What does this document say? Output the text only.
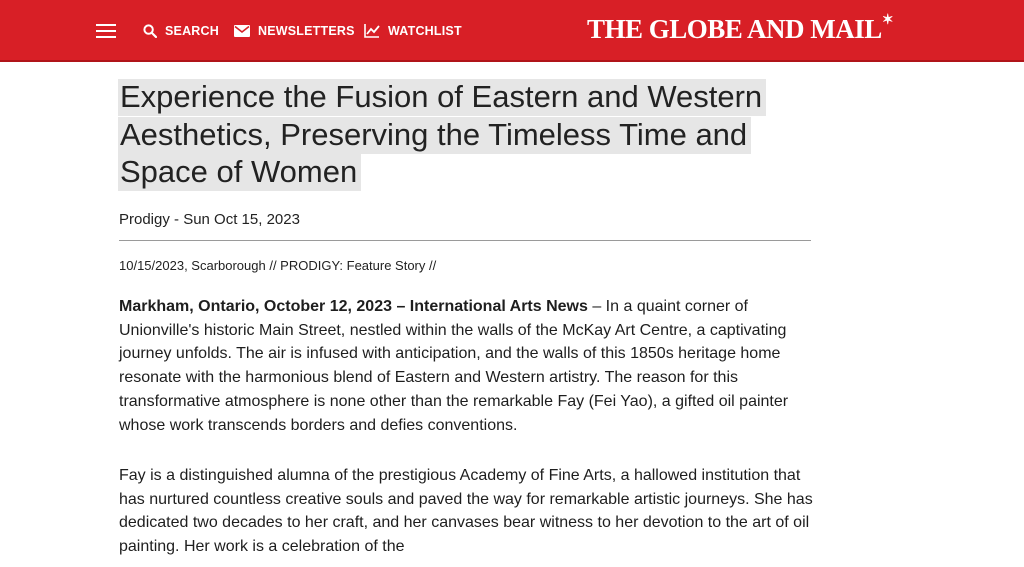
SEARCH	NEWSLETTERS	WATCHLIST	THE GLOBE AND MAIL✶
Experience the Fusion of Eastern and Western Aesthetics, Preserving the Timeless Time and Space of Women
Prodigy - Sun Oct 15, 2023
10/15/2023, Scarborough // PRODIGY: Feature Story //

Markham, Ontario, October 12, 2023 – International Arts News – In a quaint corner of Unionville's historic Main Street, nestled within the walls of the McKay Art Centre, a captivating journey unfolds. The air is infused with anticipation, and the walls of this 1850s heritage home resonate with the harmonious blend of Eastern and Western artistry. The reason for this transformative atmosphere is none other than the remarkable Fay (Fei Yao), a gifted oil painter whose work transcends borders and defies conventions.

Fay is a distinguished alumna of the prestigious Academy of Fine Arts, a hallowed institution that has nurtured countless creative souls and paved the way for remarkable artistic journeys. She has dedicated two decades to her craft, and her canvases bear witness to her devotion to the art of oil painting. Her work is a celebration of the
